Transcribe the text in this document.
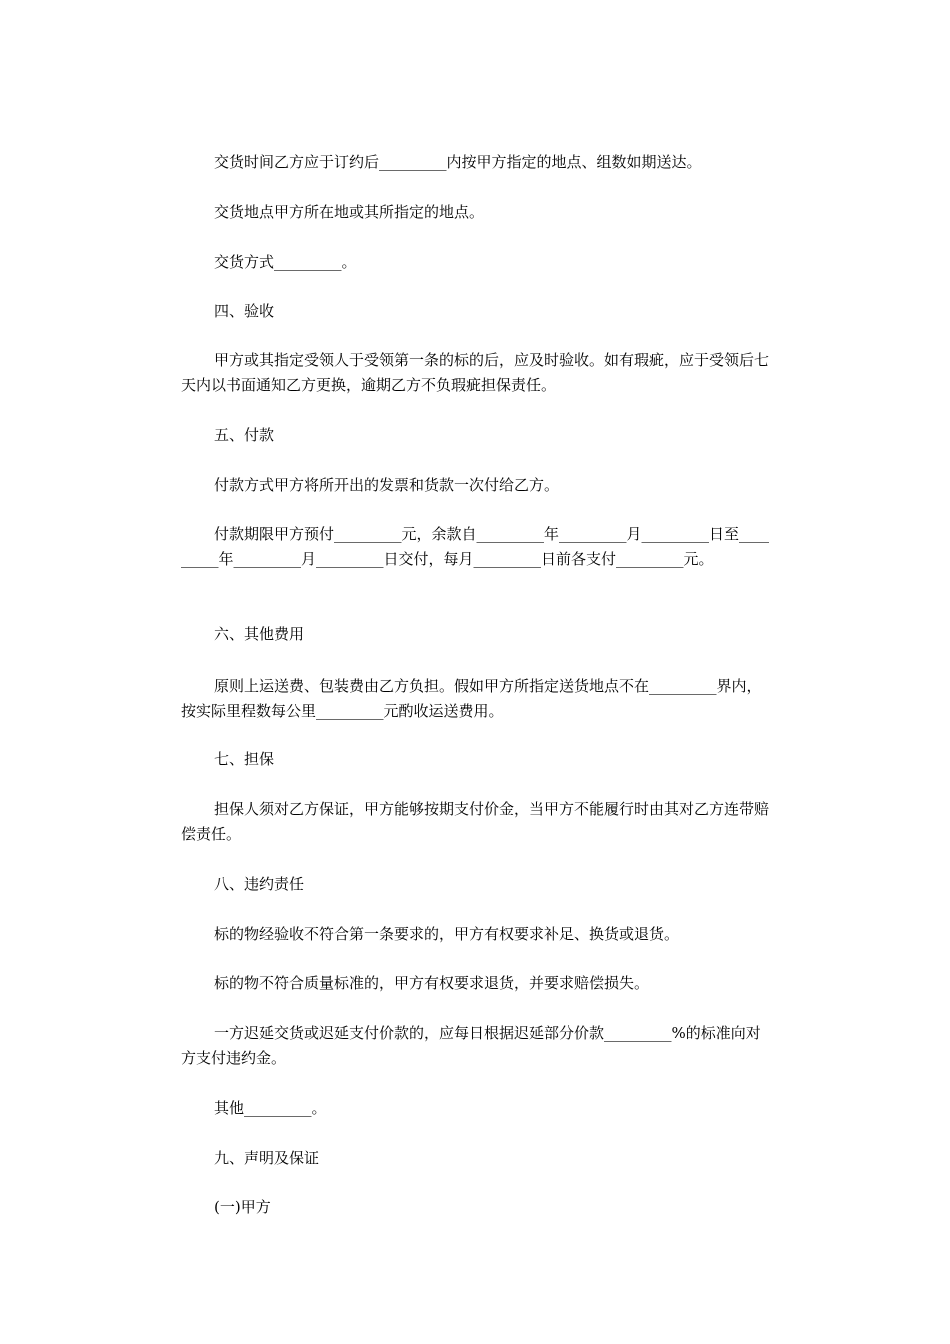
交货时间乙方应于订约后_________内按甲方指定的地点、组数如期送达。

交货地点甲方所在地或其所指定的地点。

交货方式_________。

四、验收

甲方或其指定受领人于受领第一条的标的后，应及时验收。如有瑕疵，应于受领后七天内以书面通知乙方更换，逾期乙方不负瑕疵担保责任。

五、付款

付款方式甲方将所开出的发票和货款一次付给乙方。

付款期限甲方预付_________元，余款自_________年_________月_________日至_________年_________月_________日交付，每月_________日前各支付_________元。

六、其他费用

原则上运送费、包装费由乙方负担。假如甲方所指定送货地点不在_________界内，按实际里程数每公里_________元酌收运送费用。

七、担保

担保人须对乙方保证，甲方能够按期支付价金，当甲方不能履行时由其对乙方连带赔偿责任。

八、违约责任

标的物经验收不符合第一条要求的，甲方有权要求补足、换货或退货。

标的物不符合质量标准的，甲方有权要求退货，并要求赔偿损失。

一方迟延交货或迟延支付价款的，应每日根据迟延部分价款_________%的标准向对方支付违约金。

其他_________。

九、声明及保证

(一)甲方
